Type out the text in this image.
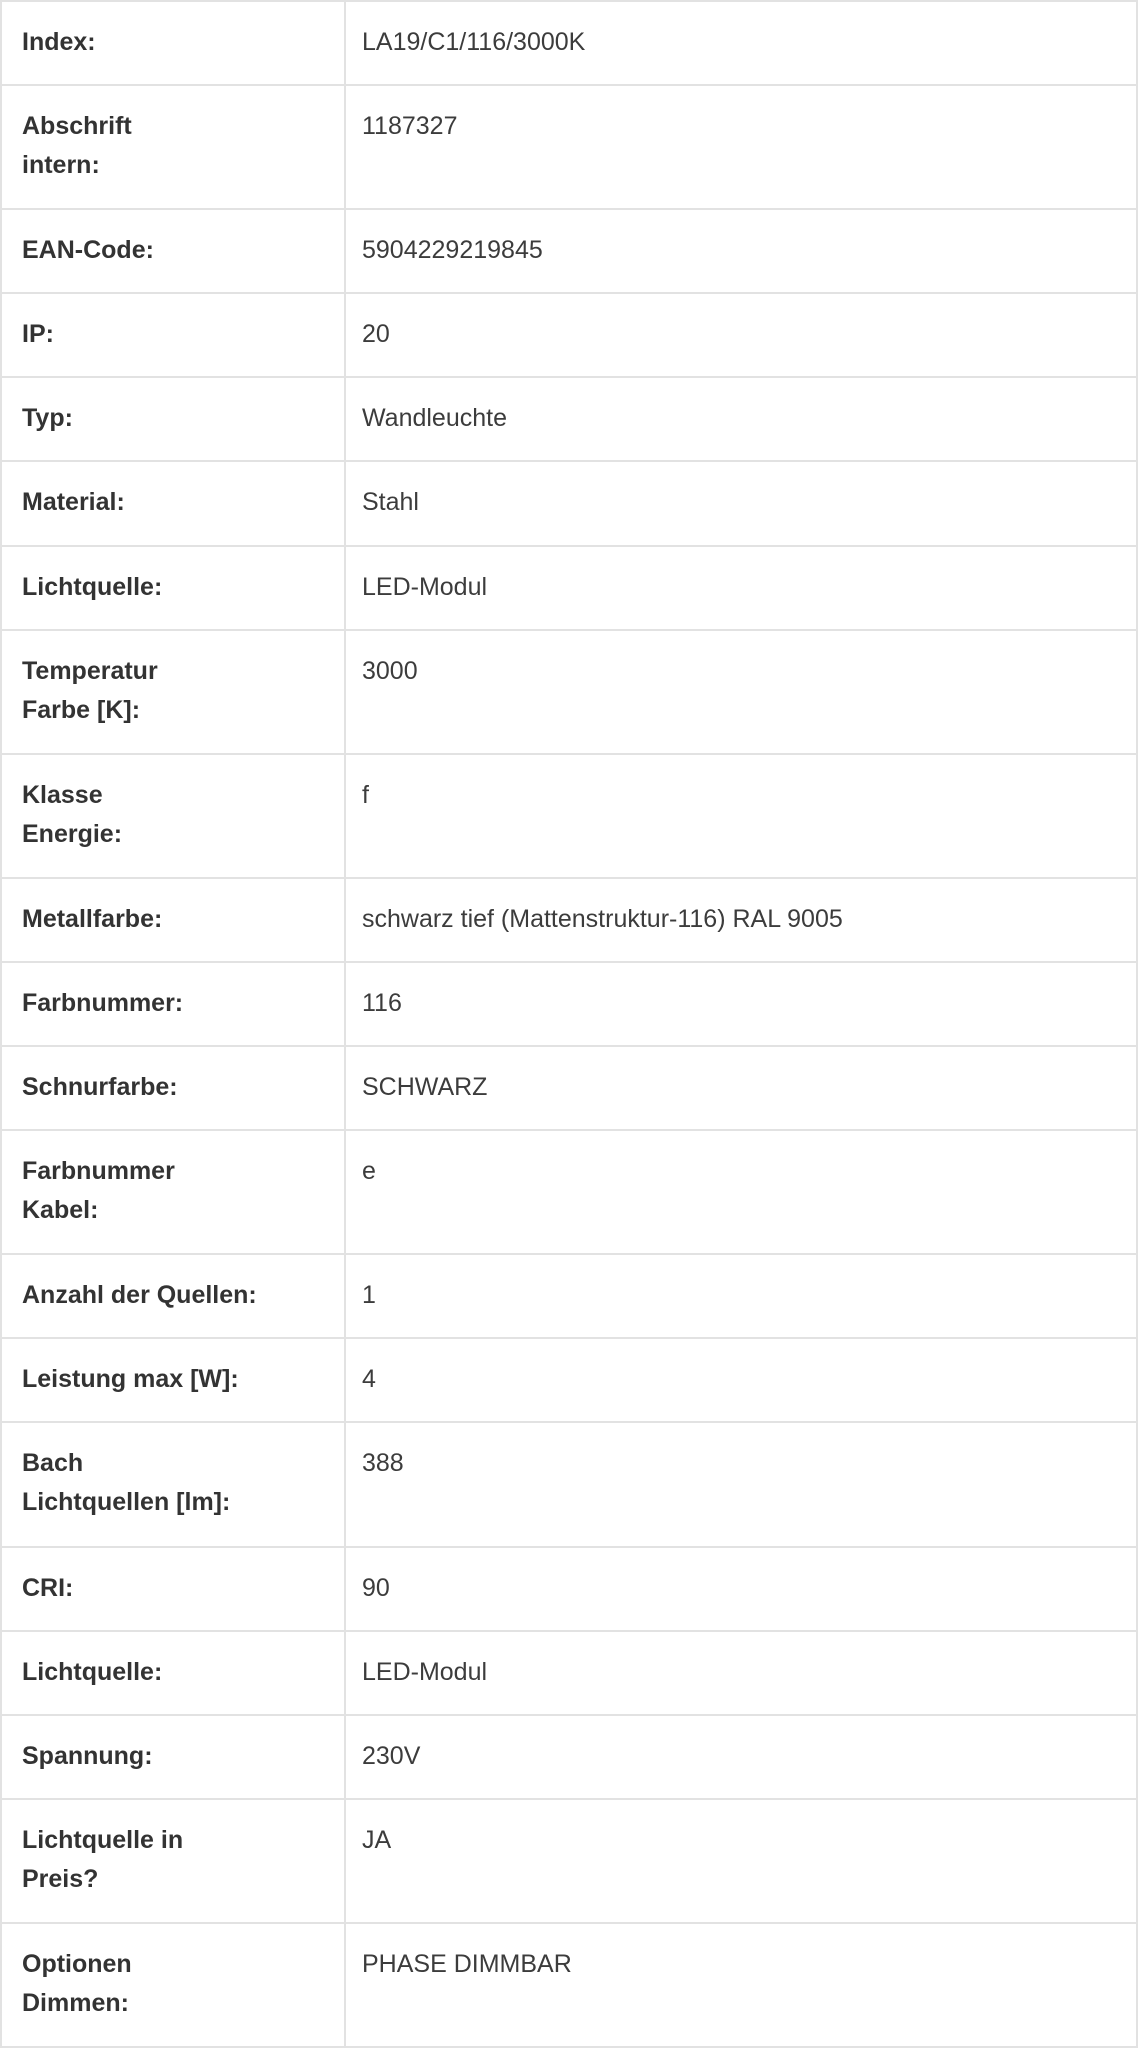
Index:	LA19/C1/116/3000K

Abschrift
intern:	1187327

EAN-Code:	5904229219845

IP:	20

Typ:	Wandleuchte

Material:	Stahl

Lichtquelle:	LED-Modul

Temperatur
Farbe [K]:	3000

Klasse
Energie:	f

Metallfarbe:	schwarz tief (Mattenstruktur-116) RAL 9005

Farbnummer:	116

Schnurfarbe:	SCHWARZ

Farbnummer
Kabel:	e

Anzahl der Quellen:	1

Leistung max [W]:	4

Bach
Lichtquellen [lm]:	388

CRI:	90

Lichtquelle:	LED-Modul

Spannung:	230V

Lichtquelle in
Preis?	JA

Optionen
Dimmen:	PHASE DIMMBAR
